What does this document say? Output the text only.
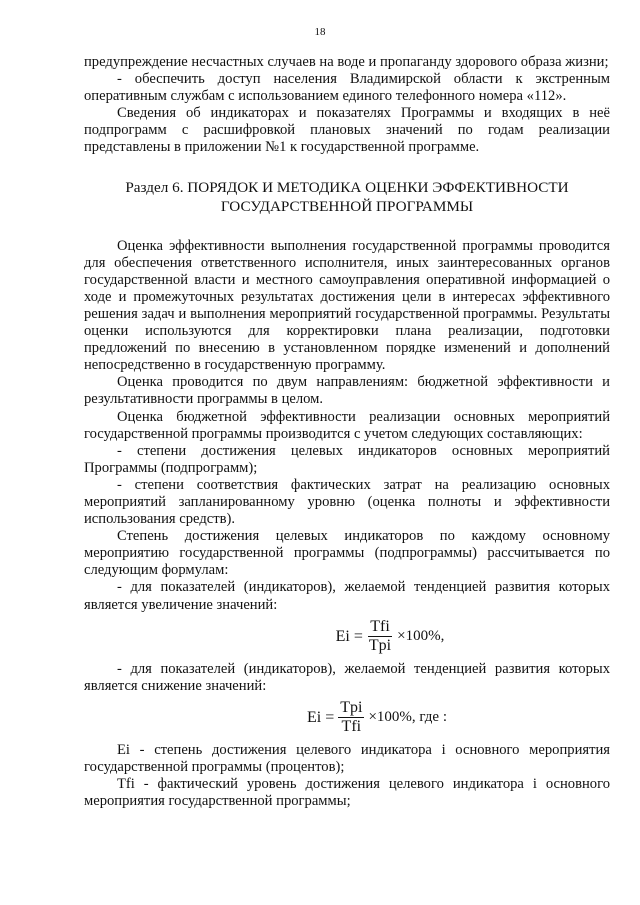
18

предупреждение несчастных случаев на воде и пропаганду здорового образа жизни;

- обеспечить доступ населения Владимирской области к экстренным оперативным службам с использованием единого телефонного номера «112».

Сведения об индикаторах и показателях Программы и входящих в неё подпрограмм с расшифровкой плановых значений по годам реализации представлены в приложении №1 к государственной программе.

Раздел 6. ПОРЯДОК И МЕТОДИКА ОЦЕНКИ ЭФФЕКТИВНОСТИ ГОСУДАРСТВЕННОЙ ПРОГРАММЫ

Оценка эффективности выполнения государственной программы проводится для обеспечения ответственного исполнителя, иных заинтересованных органов государственной власти и местного самоуправления оперативной информацией о ходе и промежуточных результатах достижения цели в интересах эффективного решения задач и выполнения мероприятий государственной программы. Результаты оценки используются для корректировки плана реализации, подготовки предложений по внесению в установленном порядке изменений и дополнений непосредственно в государственную программу.

Оценка проводится по двум направлениям: бюджетной эффективности и результативности программы в целом.

Оценка бюджетной эффективности реализации основных мероприятий государственной программы производится с учетом следующих составляющих:

- степени достижения целевых индикаторов основных мероприятий Программы (подпрограмм);

- степени соответствия фактических затрат на реализацию основных мероприятий запланированному уровню (оценка полноты и эффективности использования средств).

Степень достижения целевых индикаторов по каждому основному мероприятию государственной программы (подпрограммы) рассчитывается по следующим формулам:

- для показателей (индикаторов), желаемой тенденцией развития которых является увеличение значений:

$Ei = \frac{\text{Tfi}}{\text{Tpi}} \times 100\%$,

- для показателей (индикаторов), желаемой тенденцией развития которых является снижение значений:

$Ei = \frac{\text{Tpi}}{\text{Tfi}} \times 100\%$, где :

Ei - степень достижения целевого индикатора i основного мероприятия государственной программы (процентов);

Tfi - фактический уровень достижения целевого индикатора i основного мероприятия государственной программы;
